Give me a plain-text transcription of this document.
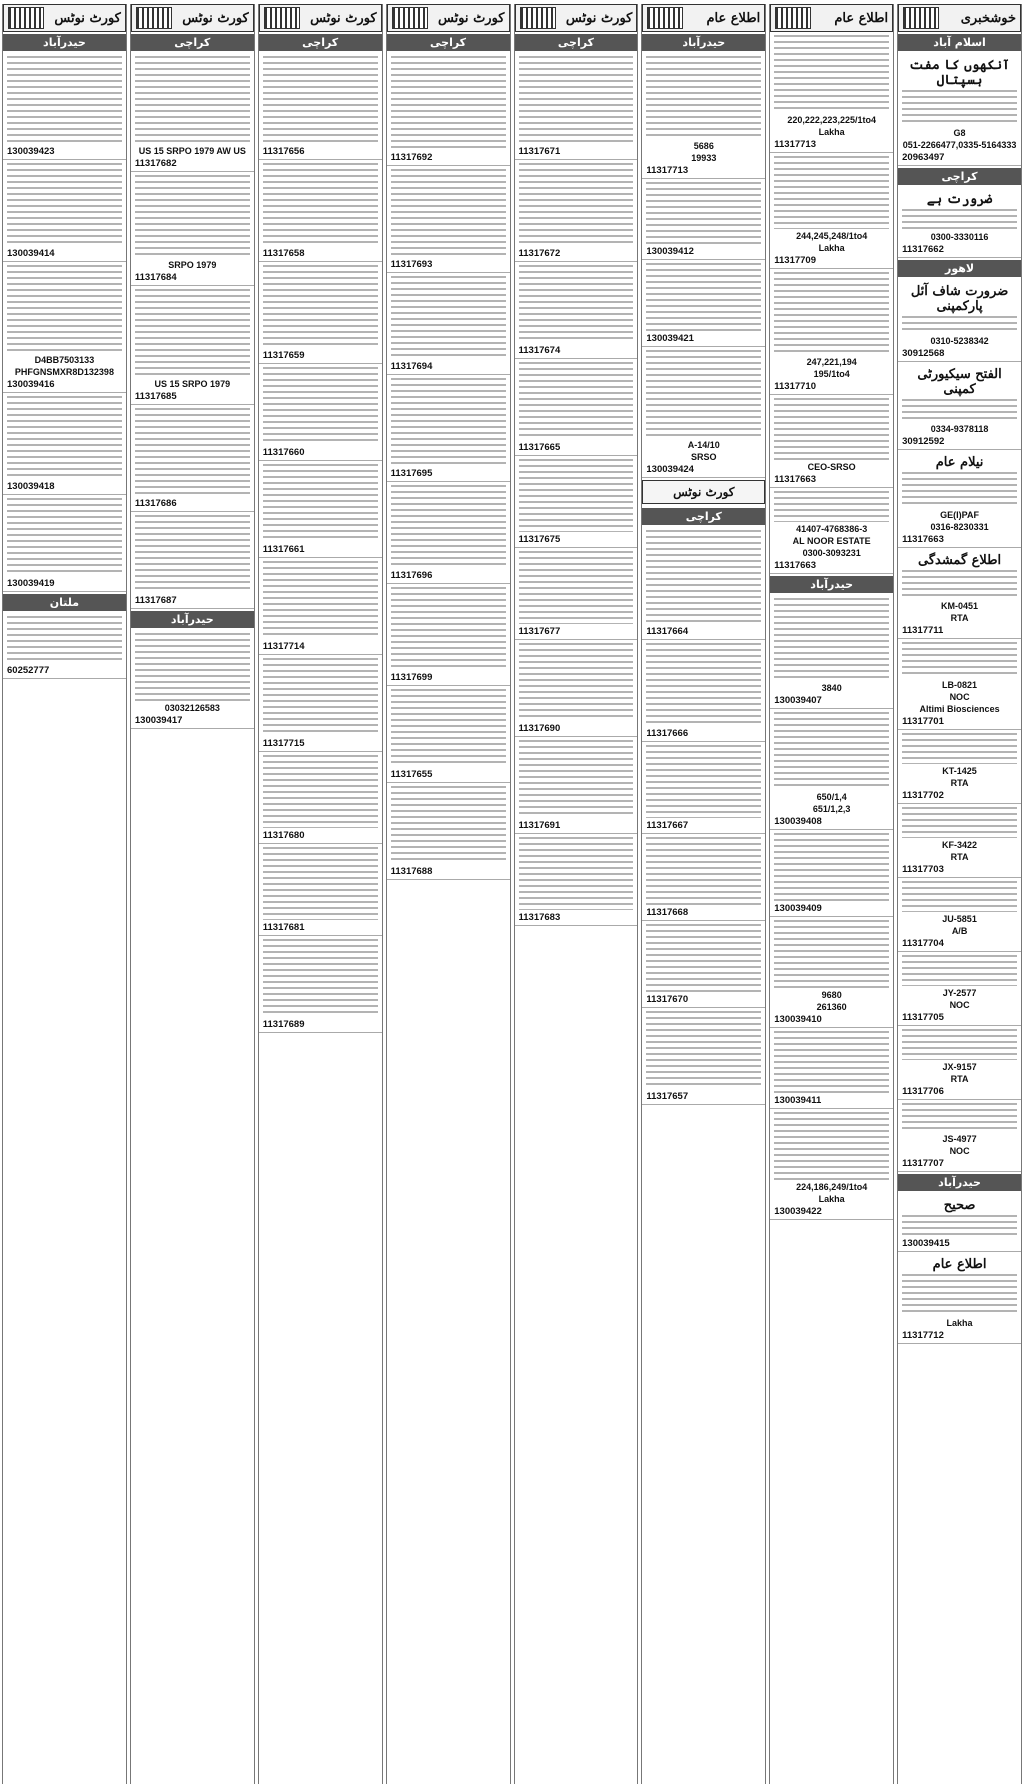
خوشخبری
اسلام آباد
آنکھوں کا مفت ہسپتال
G8
051-2266477,0335-5164333
20963497
کراچی
ضرورت ہے
0300-3330116
11317662
لاھور
ضرورت شاف آئل پارکمپنی
0310-5238342
30912568
الفتح سیکیورٹی کمپنی
0334-9378118
30912592
نیلام عام
GE(I)PAF
0316-8230331
11317663
اطلاع گمشدگی
KM-0451
RTA
11317711
LB-0821
NOC
Altimi Biosciences
11317701
KT-1425
RTA
11317702
KF-3422
RTA
11317703
JU-5851
A/B
11317704
JY-2577
NOC
11317705
JX-9157
RTA
11317706
JS-4977
NOC
11317707
حیدرآباد
صحیح
130039415
اطلاع عام
Lakha
11317712
اطلاع عام
220,222,223,225/1to4
Lakha
11317713
244,245,248/1to4
Lakha
11317709
247,221,194
195/1to4
11317710
CEO-SRSO
11317663
41407-4768386-3
AL NOOR ESTATE
0300-3093231
11317663
حیدرآباد
3840
130039407
650/1,4
651/1,2,3
130039408
130039409
9680
261360
130039410
130039411
224,186,249/1to4
Lakha
130039422
اطلاع عام
حیدرآباد
5686
19933
11317713
130039412
130039421
A-14/10
SRSO
130039424
کورٹ نوٹس
کراچی
11317664
11317666
11317667
11317668
11317670
11317657
کورٹ نوٹس
کراچی
11317671
11317672
11317674
11317665
11317675
11317677
11317690
11317691
11317683
کورٹ نوٹس
کراچی
11317692
11317693
11317694
11317695
11317696
11317699
11317655
11317688
کورٹ نوٹس
کراچی
11317656
11317658
11317659
11317660
11317661
11317714
11317715
11317680
11317681
11317689
کورٹ نوٹس
کراچی
US 15 SRPO 1979 AW US
11317682
SRPO 1979
11317684
US 15 SRPO 1979
11317685
11317686
11317687
حیدرآباد
03032126583
130039417
کورٹ نوٹس
حیدرآباد
130039423
130039414
D4BB7503133
PHFGNSMXR8D132398
130039416
130039418
130039419
ملتان
60252777
